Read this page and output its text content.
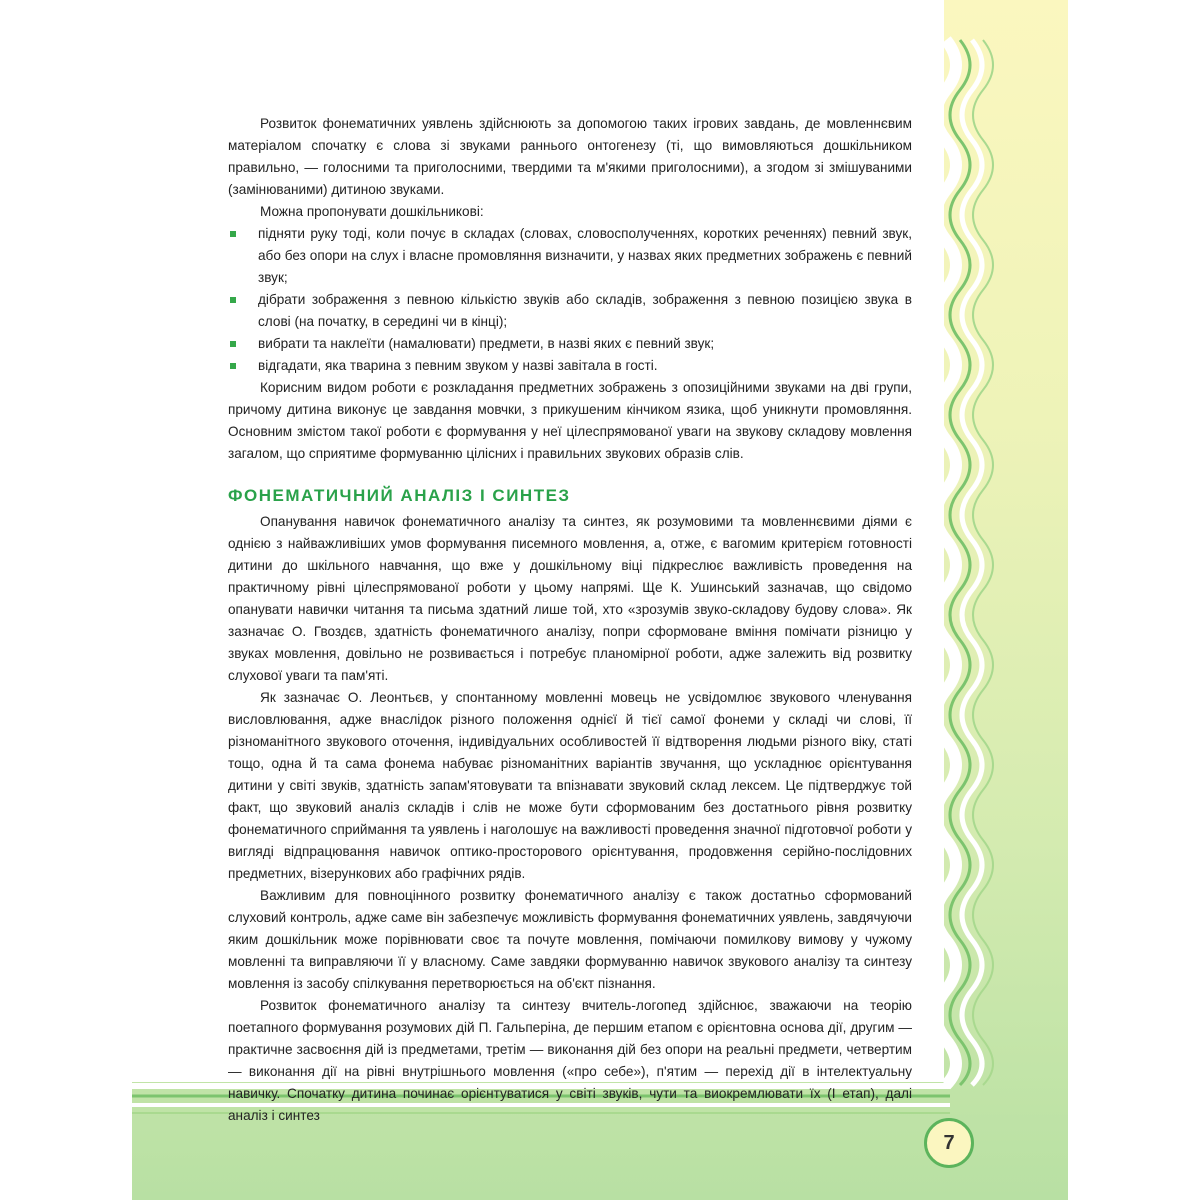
Розвиток фонематичних уявлень здійснюють за допомогою таких ігрових завдань, де мовленнєвим матеріалом спочатку є слова зі звуками раннього онтогенезу (ті, що вимовляються дошкільником правильно, — голосними та приголосними, твердими та м'якими приголосними), а згодом зі змішуваними (замінюваними) дитиною звуками.

Можна пропонувати дошкільникові:

підняти руку тоді, коли почує в складах (словах, словосполученнях, коротких реченнях) певний звук, або без опори на слух і власне промовляння визначити, у назвах яких предметних зображень є певний звук;
дібрати зображення з певною кількістю звуків або складів, зображення з певною позицією звука в слові (на початку, в середині чи в кінці);
вибрати та наклеїти (намалювати) предмети, в назві яких є певний звук;
відгадати, яка тварина з певним звуком у назві завітала в гості.

Корисним видом роботи є розкладання предметних зображень з опозиційними звуками на дві групи, причому дитина виконує це завдання мовчки, з прикушеним кінчиком язика, щоб уникнути промовляння. Основним змістом такої роботи є формування у неї цілеспрямованої уваги на звукову складову мовлення загалом, що сприятиме формуванню цілісних і правильних звукових образів слів.

ФОНЕМАТИЧНИЙ АНАЛІЗ І СИНТЕЗ

Опанування навичок фонематичного аналізу та синтез, як розумовими та мовленнєвими діями є однією з найважливіших умов формування писемного мовлення, а, отже, є вагомим критерієм готовності дитини до шкільного навчання, що вже у дошкільному віці підкреслює важливість проведення на практичному рівні цілеспрямованої роботи у цьому напрямі. Ще К. Ушинський зазначав, що свідомо опанувати навички читання та письма здатний лише той, хто «зрозумів звуко-складову будову слова». Як зазначає О. Гвоздєв, здатність фонематичного аналізу, попри сформоване вміння помічати різницю у звуках мовлення, довільно не розвивається і потребує планомірної роботи, адже залежить від розвитку слухової уваги та пам'яті.

Як зазначає О. Леонтьєв, у спонтанному мовленні мовець не усвідомлює звукового членування висловлювання, адже внаслідок різного положення однієї й тієї самої фонеми у складі чи слові, її різноманітного звукового оточення, індивідуальних особливостей її відтворення людьми різного віку, статі тощо, одна й та сама фонема набуває різноманітних варіантів звучання, що ускладнює орієнтування дитини у світі звуків, здатність запам'ятовувати та впізнавати звуковий склад лексем. Це підтверджує той факт, що звуковий аналіз складів і слів не може бути сформованим без достатнього рівня розвитку фонематичного сприймання та уявлень і наголошує на важливості проведення значної підготовчої роботи у вигляді відпрацювання навичок оптико-просторового орієнтування, продовження серійно-послідовних предметних, візерункових або графічних рядів.

Важливим для повноцінного розвитку фонематичного аналізу є також достатньо сформований слуховий контроль, адже саме він забезпечує можливість формування фонематичних уявлень, завдячуючи яким дошкільник може порівнювати своє та почуте мовлення, помічаючи помилкову вимову у чужому мовленні та виправляючи її у власному. Саме завдяки формуванню навичок звукового аналізу та синтезу мовлення із засобу спілкування перетворюється на об'єкт пізнання.

Розвиток фонематичного аналізу та синтезу вчитель-логопед здійснює, зважаючи на теорію поетапного формування розумових дій П. Гальперіна, де першим етапом є орієнтовна основа дії, другим — практичне засвоєння дій із предметами, третім — виконання дій без опори на реальні предмети, четвертим — виконання дії на рівні внутрішнього мовлення («про себе»), п'ятим — перехід дії в інтелектуальну навичку. Спочатку дитина починає орієнтуватися у світі звуків, чути та виокремлювати їх (І етап), далі аналіз і синтез

7
